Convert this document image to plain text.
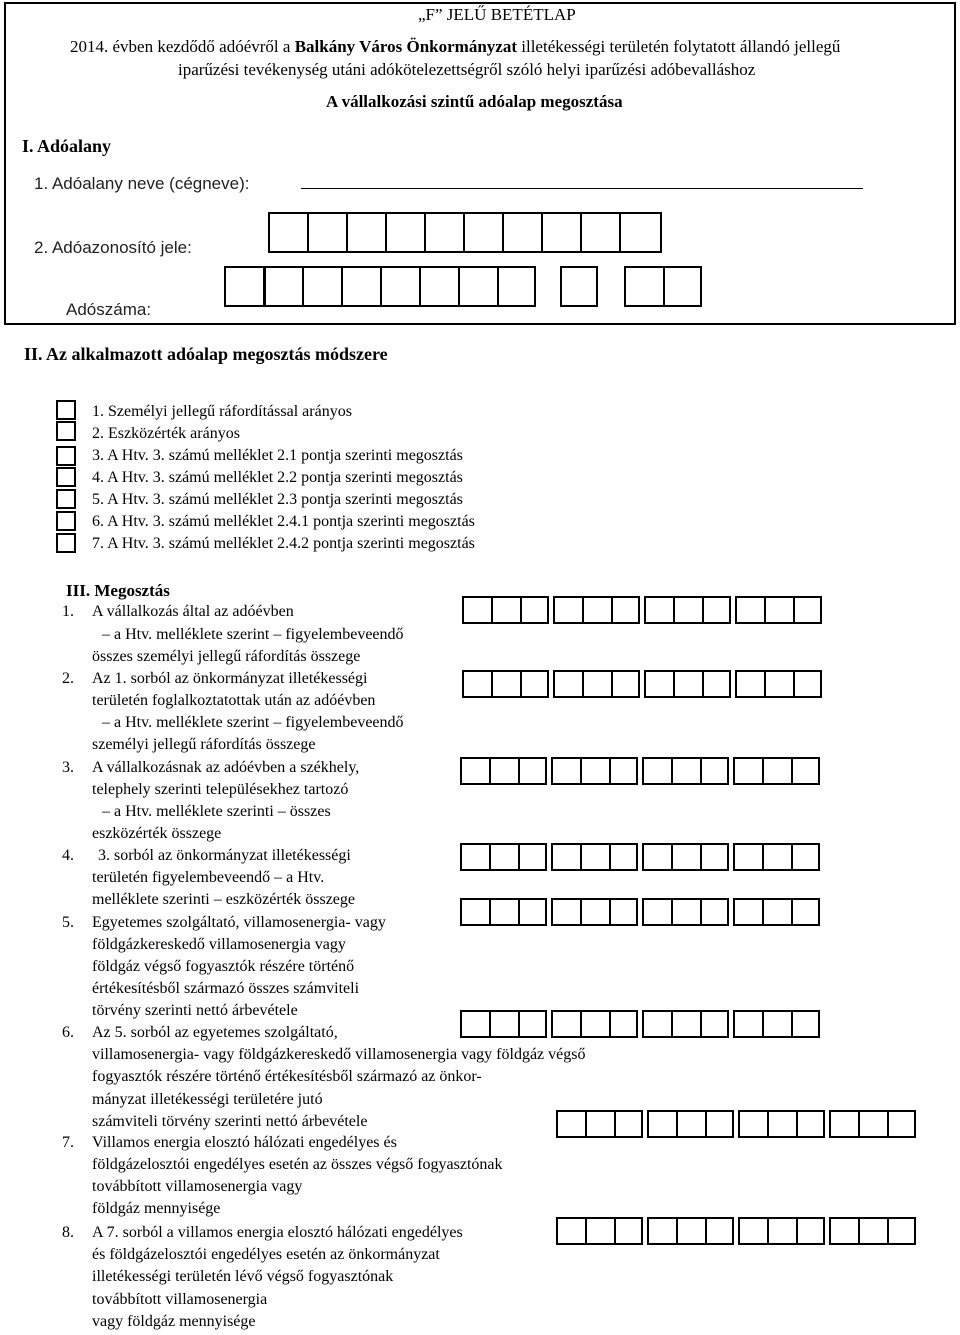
„F” JELŰ BETÉTLAP
2014. évben kezdődő adóévről a Balkány Város Önkormányzat illetékességi területén folytatott állandó jellegű
iparűzési tevékenység utáni adókötelezettségről szóló helyi iparűzési adóbevalláshoz
A vállalkozási szintű adóalap megosztása
I. Adóalany
1. Adóalany neve (cégneve):
2. Adóazonosító jele:
Adószáma:
II. Az alkalmazott adóalap megosztás módszere
1. Személyi jellegű ráfordítással arányos
2. Eszközérték arányos
3. A Htv. 3. számú melléklet 2.1 pontja szerinti megosztás
4. A Htv. 3. számú melléklet 2.2 pontja szerinti megosztás
5. A Htv. 3. számú melléklet 2.3 pontja szerinti megosztás
6. A Htv. 3. számú melléklet 2.4.1 pontja szerinti megosztás
7. A Htv. 3. számú melléklet 2.4.2 pontja szerinti megosztás
III. Megosztás
1. A vállalkozás által az adóévben
– a Htv. melléklete szerint – figyelembeveendő
összes személyi jellegű ráfordítás összege
2. Az 1. sorból az önkormányzat illetékességi
területén foglalkoztatottak után az adóévben
– a Htv. melléklete szerint – figyelembeveendő
személyi jellegű ráfordítás összege
3. A vállalkozásnak az adóévben a székhely,
telephely szerinti településekhez tartozó
– a Htv. melléklete szerinti – összes
eszközérték összege
4. 3. sorból az önkormányzat illetékességi
területén figyelembeveendő – a Htv.
melléklete szerinti – eszközérték összege
5. Egyetemes szolgáltató, villamosenergia- vagy
földgázkereskedő villamosenergia vagy
földgáz végső fogyasztók részére történő
értékesítésből származó összes számviteli
törvény szerinti nettó árbevétele
6. Az 5. sorból az egyetemes szolgáltató,
villamosenergia- vagy földgázkereskedő villamosenergia vagy földgáz végső
fogyasztók részére történő értékesítésből származó az önkor-
mányzat illetékességi területére jutó
számviteli törvény szerinti nettó árbevétele
7. Villamos energia elosztó hálózati engedélyes és
földgázelosztói engedélyes esetén az összes végső fogyasztónak
továbbított villamosenergia vagy
földgáz mennyisége
8. A 7. sorból a villamos energia elosztó hálózati engedélyes
és földgázelosztói engedélyes esetén az önkormányzat
illetékességi területén lévő végső fogyasztónak
továbbított villamosenergia
vagy földgáz mennyisége
